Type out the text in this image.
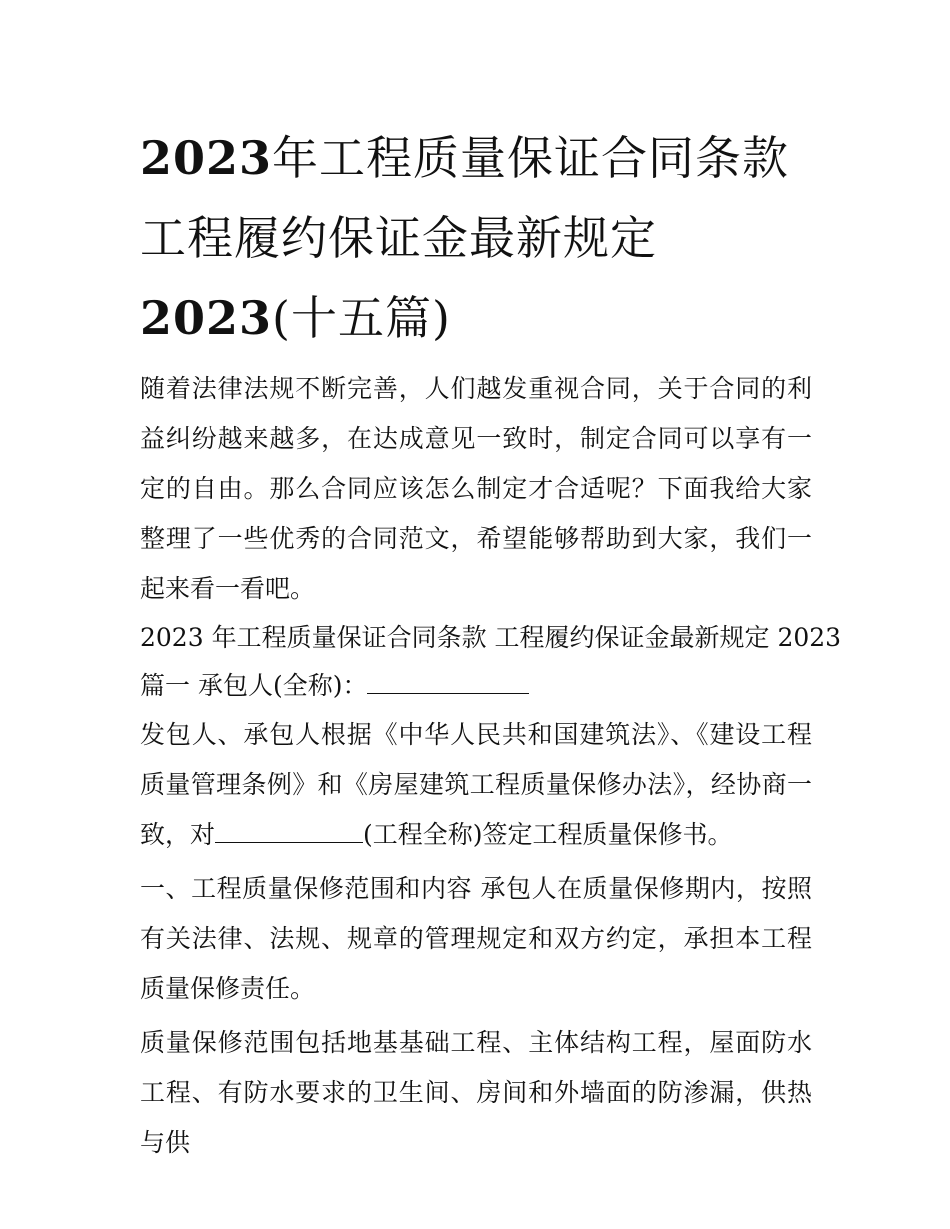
2023年工程质量保证合同条款
工程履约保证金最新规定
2023(十五篇)

随着法律法规不断完善，人们越发重视合同，关于合同的利益纠纷越来越多，在达成意见一致时，制定合同可以享有一定的自由。那么合同应该怎么制定才合适呢？下面我给大家整理了一些优秀的合同范文，希望能够帮助到大家，我们一起来看一看吧。

2023 年工程质量保证合同条款 工程履约保证金最新规定 2023

篇一 承包人(全称)：

发包人、承包人根据《中华人民共和国建筑法》、《建设工程质量管理条例》和《房屋建筑工程质量保修办法》，经协商一致，对	(工程全称)签定工程质量保修书。

一、工程质量保修范围和内容 承包人在质量保修期内，按照有关法律、法规、规章的管理规定和双方约定，承担本工程质量保修责任。

质量保修范围包括地基基础工程、主体结构工程，屋面防水工程、有防水要求的卫生间、房间和外墙面的防渗漏，供热与供
